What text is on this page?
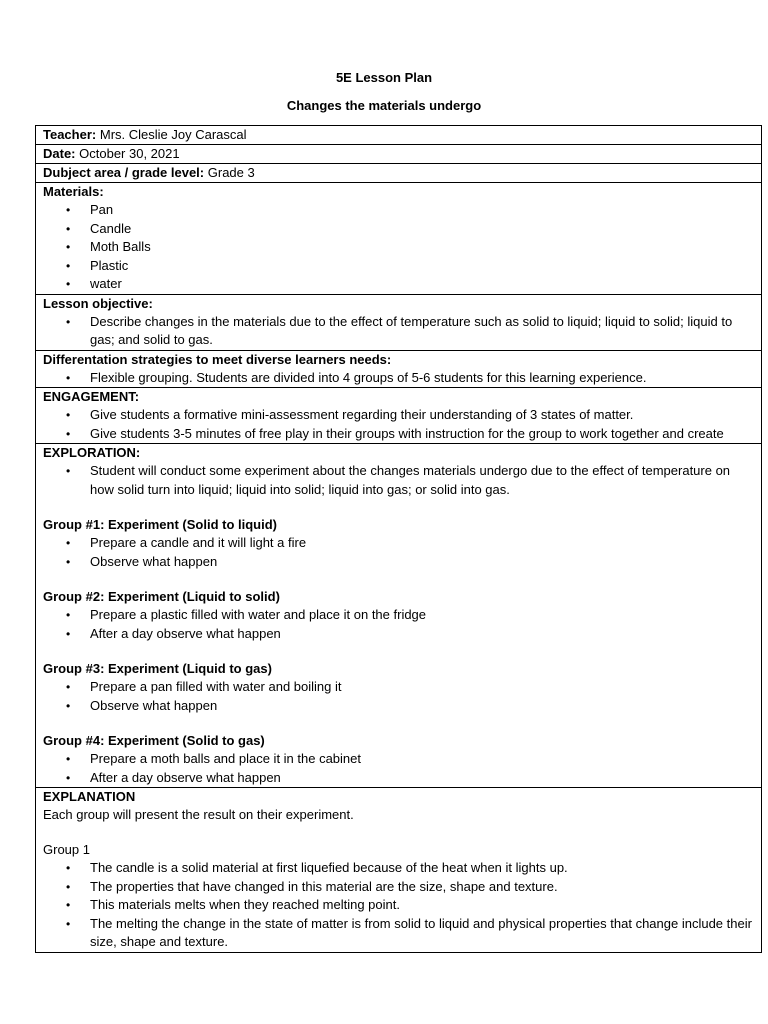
5E Lesson Plan
Changes the materials undergo
Teacher: Mrs. Cleslie Joy Carascal
Date: October 30, 2021
Dubject area / grade level: Grade 3

Materials:
• Pan
• Candle
• Moth Balls
• Plastic
• water

Lesson objective:
• Describe changes in the materials due to the effect of temperature such as solid to liquid; liquid to solid; liquid to gas; and solid to gas.

Differentation strategies to meet diverse learners needs:
• Flexible grouping. Students are divided into 4 groups of 5-6 students for this learning experience.

ENGAGEMENT:
• Give students a formative mini-assessment regarding their understanding of 3 states of matter.
• Give students 3-5 minutes of free play in their groups with instruction for the group to work together and create

EXPLORATION:
• Student will conduct some experiment about the changes materials undergo due to the effect of temperature on how solid turn into liquid; liquid into solid; liquid into gas; or solid into gas.
Group #1: Experiment (Solid to liquid)
• Prepare a candle and it will light a fire
• Observe what happen
Group #2: Experiment (Liquid to solid)
• Prepare a plastic filled with water and place it on the fridge
• After a day observe what happen
Group #3: Experiment (Liquid to gas)
• Prepare a pan filled with water and boiling it
• Observe what happen
Group #4: Experiment (Solid to gas)
• Prepare a moth balls and place it in the cabinet
• After a day observe what happen

EXPLANATION
Each group will present the result on their experiment.
Group 1
• The candle is a solid material at first liquefied because of the heat when it lights up.
• The properties that have changed in this material are the size, shape and texture.
• This materials melts when they reached melting point.
• The melting the change in the state of matter is from solid to liquid and physical properties that change include their size, shape and texture.
